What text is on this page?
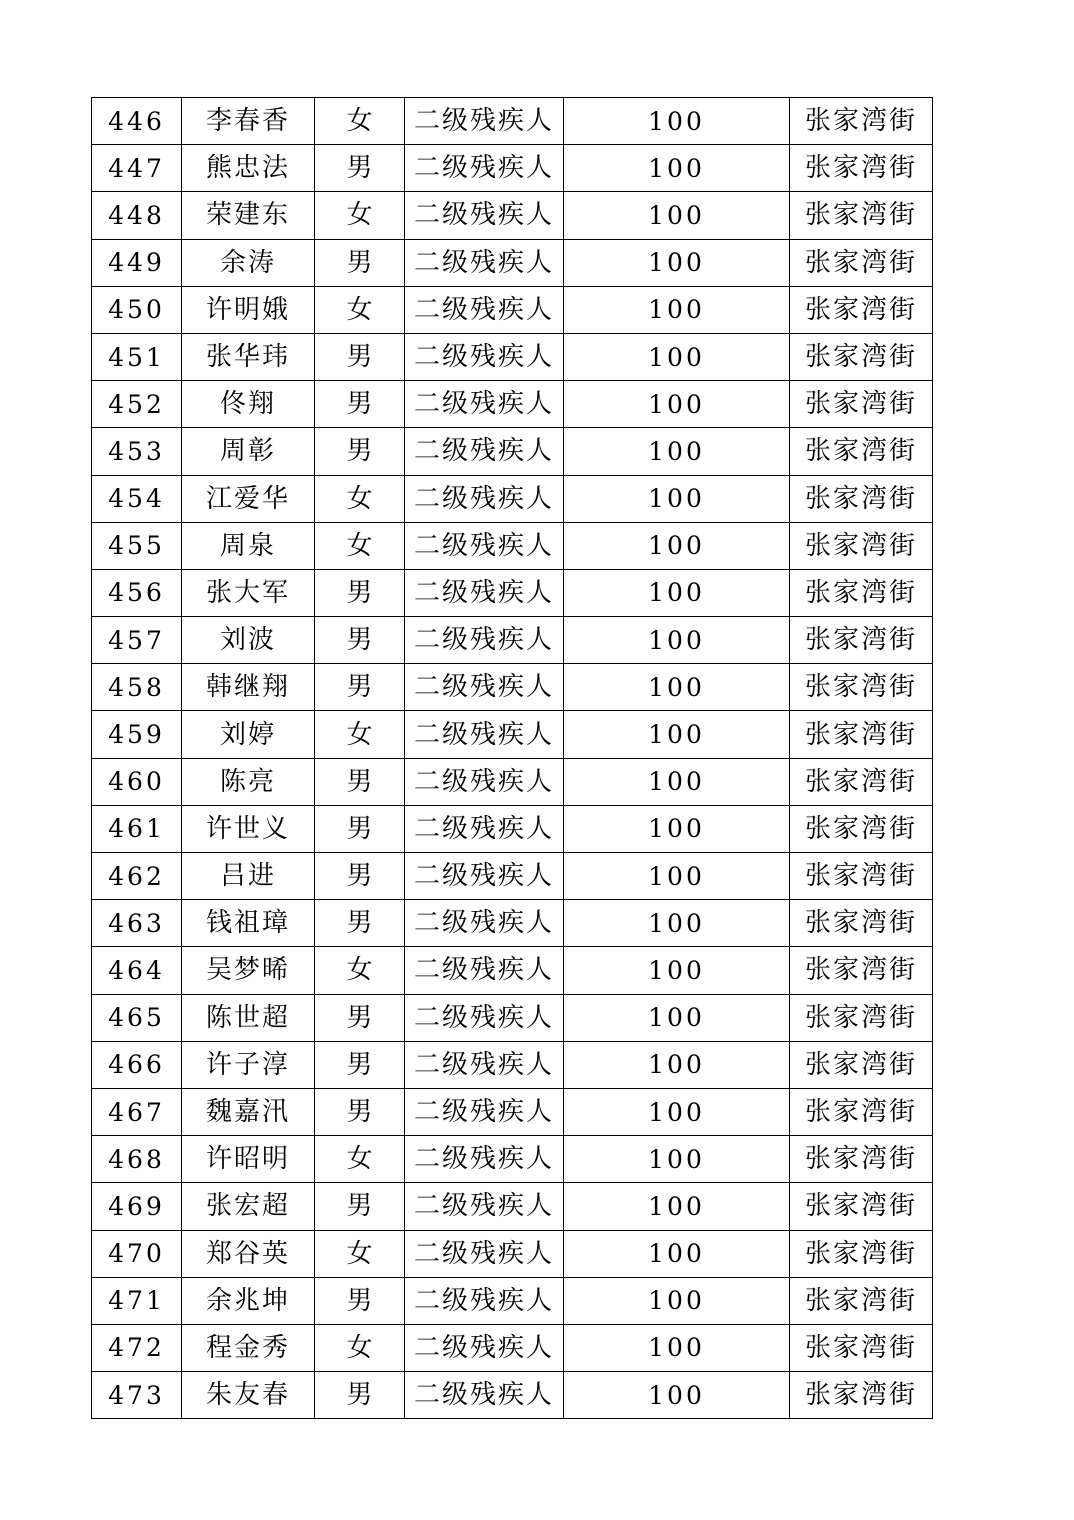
446	李春香	女	二级残疾人	100	张家湾街
447	熊忠法	男	二级残疾人	100	张家湾街
448	荣建东	女	二级残疾人	100	张家湾街
449	余涛	男	二级残疾人	100	张家湾街
450	许明娥	女	二级残疾人	100	张家湾街
451	张华玮	男	二级残疾人	100	张家湾街
452	佟翔	男	二级残疾人	100	张家湾街
453	周彰	男	二级残疾人	100	张家湾街
454	江爱华	女	二级残疾人	100	张家湾街
455	周泉	女	二级残疾人	100	张家湾街
456	张大军	男	二级残疾人	100	张家湾街
457	刘波	男	二级残疾人	100	张家湾街
458	韩继翔	男	二级残疾人	100	张家湾街
459	刘婷	女	二级残疾人	100	张家湾街
460	陈亮	男	二级残疾人	100	张家湾街
461	许世义	男	二级残疾人	100	张家湾街
462	吕进	男	二级残疾人	100	张家湾街
463	钱祖璋	男	二级残疾人	100	张家湾街
464	吴梦晞	女	二级残疾人	100	张家湾街
465	陈世超	男	二级残疾人	100	张家湾街
466	许子淳	男	二级残疾人	100	张家湾街
467	魏嘉汛	男	二级残疾人	100	张家湾街
468	许昭明	女	二级残疾人	100	张家湾街
469	张宏超	男	二级残疾人	100	张家湾街
470	郑谷英	女	二级残疾人	100	张家湾街
471	余兆坤	男	二级残疾人	100	张家湾街
472	程金秀	女	二级残疾人	100	张家湾街
473	朱友春	男	二级残疾人	100	张家湾街
